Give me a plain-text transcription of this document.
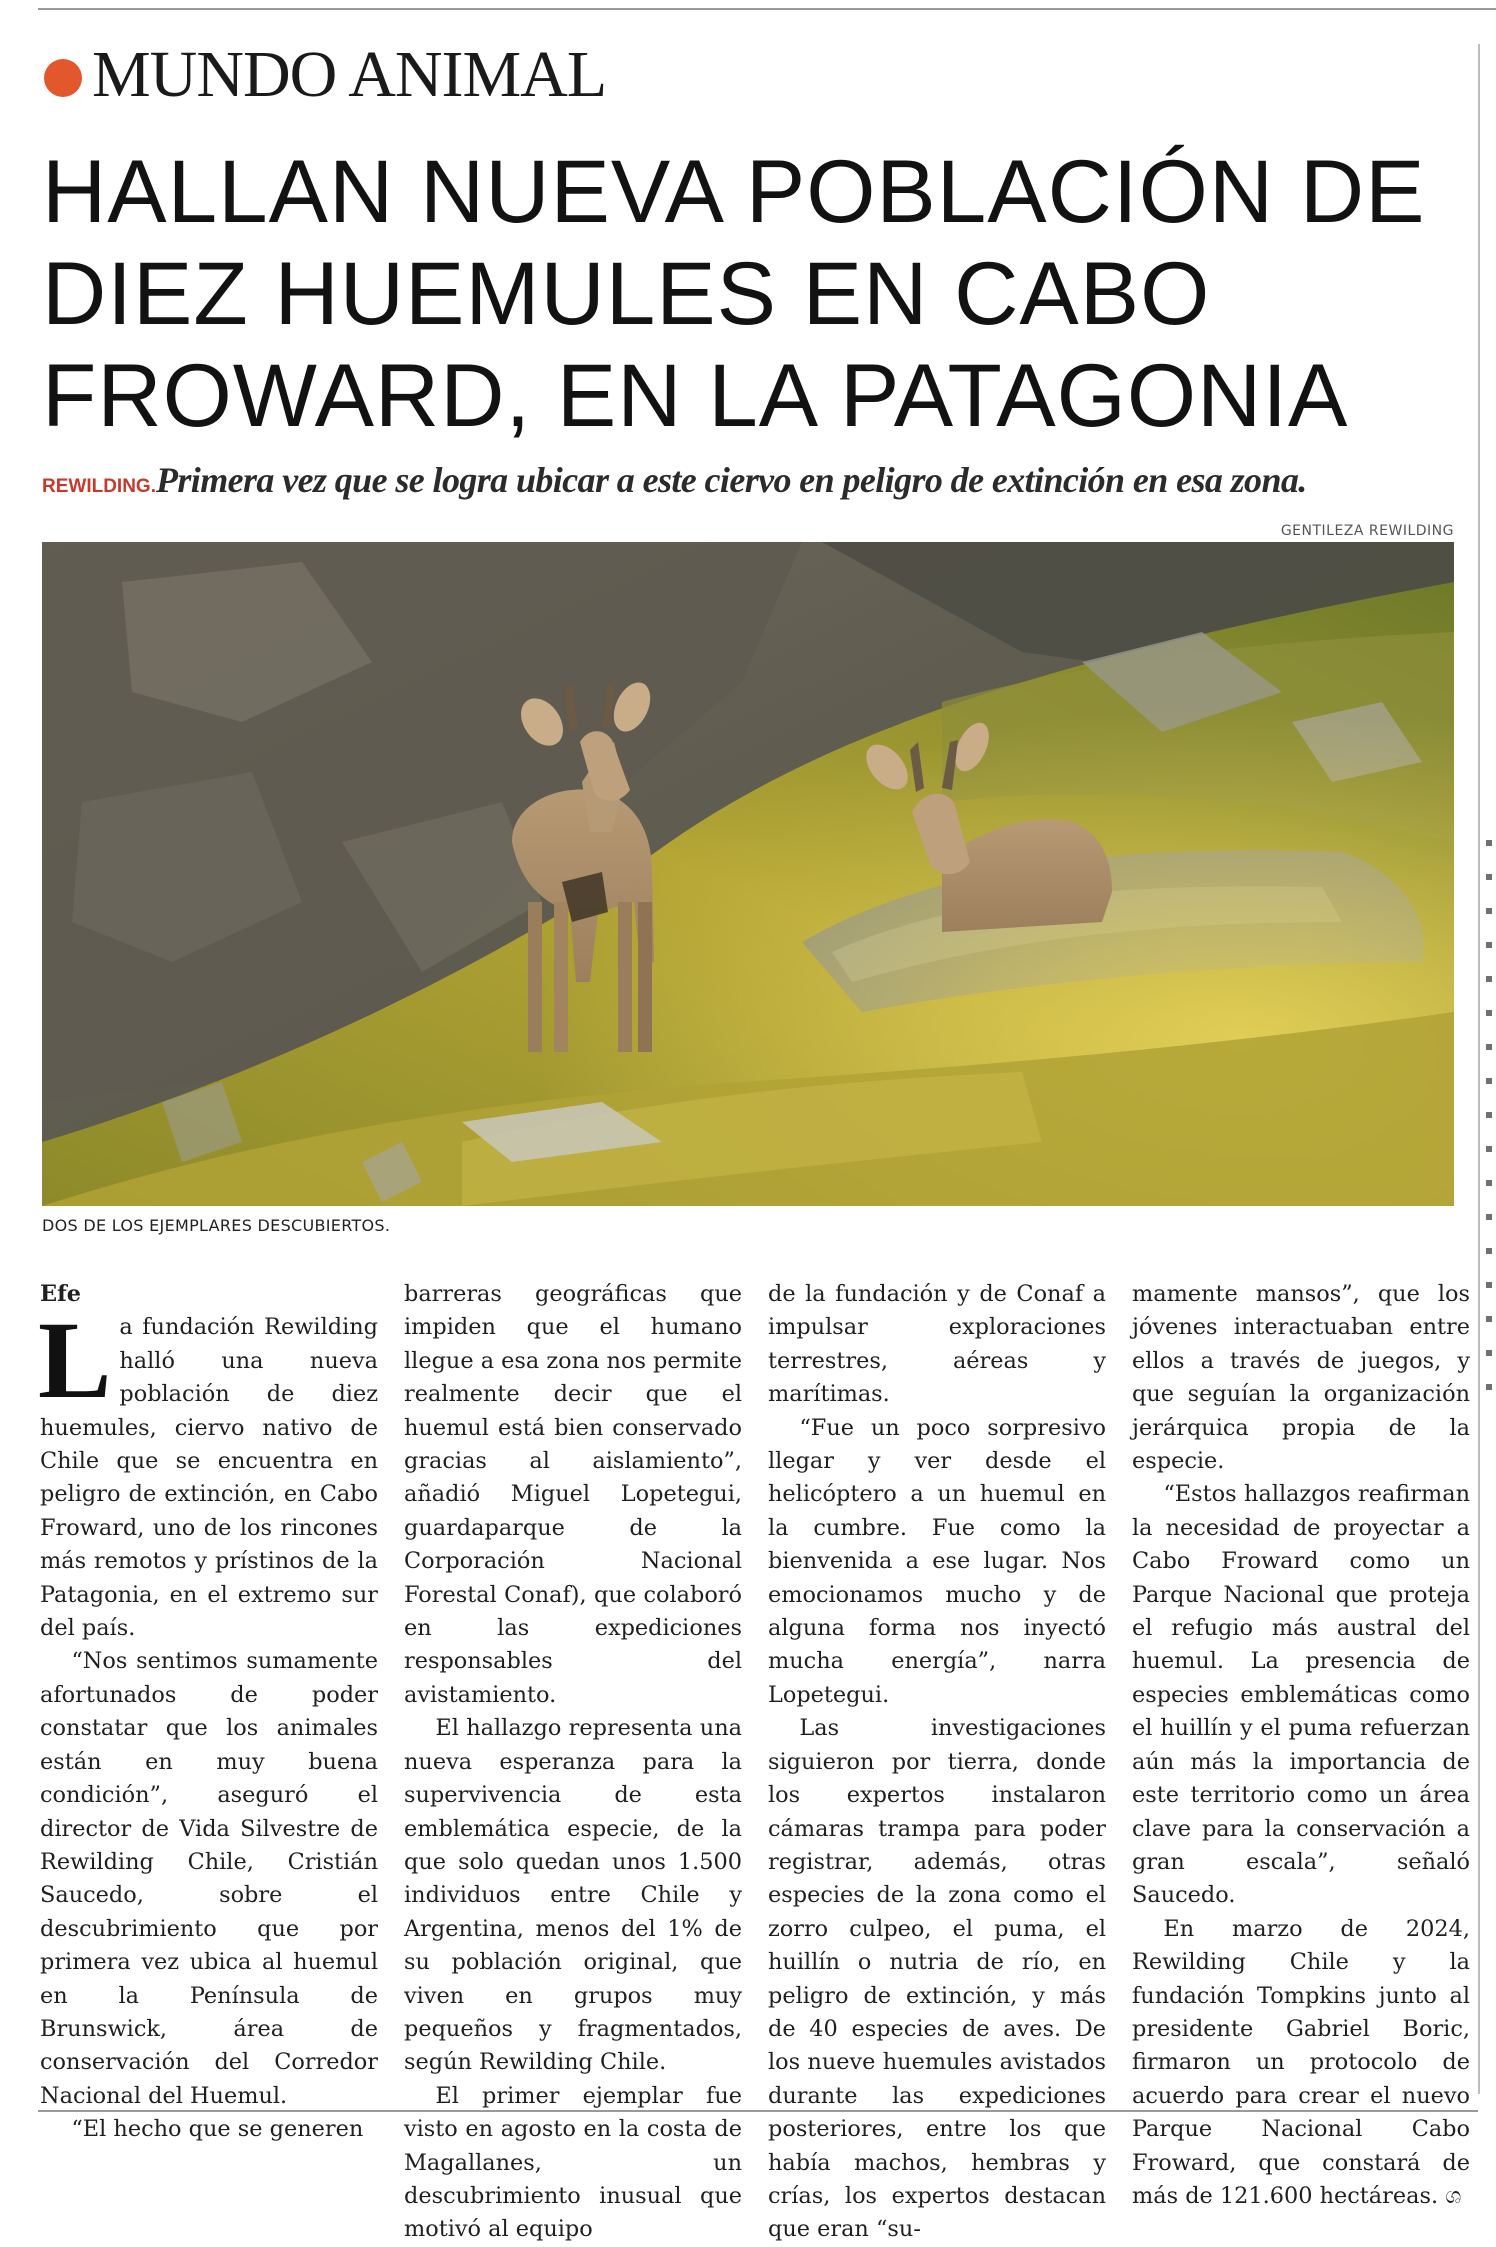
MUNDO ANIMAL
HALLAN NUEVA POBLACIÓN DE
DIEZ HUEMULES EN CABO
FROWARD, EN LA PATAGONIA
REWILDING.Primera vez que se logra ubicar a este ciervo en peligro de extinción en esa zona.
GENTILEZA REWILDING
DOS DE LOS EJEMPLARES DESCUBIERTOS.

Efe

La fundación Rewilding halló una nueva población de diez huemules, ciervo nativo de Chile que se encuentra en peligro de extinción, en Cabo Froward, uno de los rincones más remotos y prístinos de la Patagonia, en el extremo sur del país.

“Nos sentimos sumamente afortunados de poder constatar que los animales están en muy buena condición”, aseguró el director de Vida Silvestre de Rewilding Chile, Cristián Saucedo, sobre el descubrimiento que por primera vez ubica al huemul en la Península de Brunswick, área de conservación del Corredor Nacional del Huemul.

“El hecho que se generen

barreras geográficas que impiden que el humano llegue a esa zona nos permite realmente decir que el huemul está bien conservado gracias al aislamiento”, añadió Miguel Lopetegui, guardaparque de la Corporación Nacional Forestal Conaf), que colaboró en las expediciones responsables del avistamiento.

El hallazgo representa una nueva esperanza para la supervivencia de esta emblemática especie, de la que solo quedan unos 1.500 individuos entre Chile y Argentina, menos del 1% de su población original, que viven en grupos muy pequeños y fragmentados, según Rewilding Chile.

El primer ejemplar fue visto en agosto en la costa de Magallanes, un descubrimiento inusual que motivó al equipo

de la fundación y de Conaf a impulsar exploraciones terrestres, aéreas y marítimas.

“Fue un poco sorpresivo llegar y ver desde el helicóptero a un huemul en la cumbre. Fue como la bienvenida a ese lugar. Nos emocionamos mucho y de alguna forma nos inyectó mucha energía”, narra Lopetegui.

Las investigaciones siguieron por tierra, donde los expertos instalaron cámaras trampa para poder registrar, además, otras especies de la zona como el zorro culpeo, el puma, el huillín o nutria de río, en peligro de extinción, y más de 40 especies de aves. De los nueve huemules avistados durante las expediciones posteriores, entre los que había machos, hembras y crías, los expertos destacan que eran “su-

mamente mansos”, que los jóvenes interactuaban entre ellos a través de juegos, y que seguían la organización jerárquica propia de la especie.

“Estos hallazgos reafirman la necesidad de proyectar a Cabo Froward como un Parque Nacional que proteja el refugio más austral del huemul. La presencia de especies emblemáticas como el huillín y el puma refuerzan aún más la importancia de este territorio como un área clave para la conservación a gran escala”, señaló Saucedo.

En marzo de 2024, Rewilding Chile y la fundación Tompkins junto al presidente Gabriel Boric, firmaron un protocolo de acuerdo para crear el nuevo Parque Nacional Cabo Froward, que constará de más de 121.600 hectáreas. ශ
